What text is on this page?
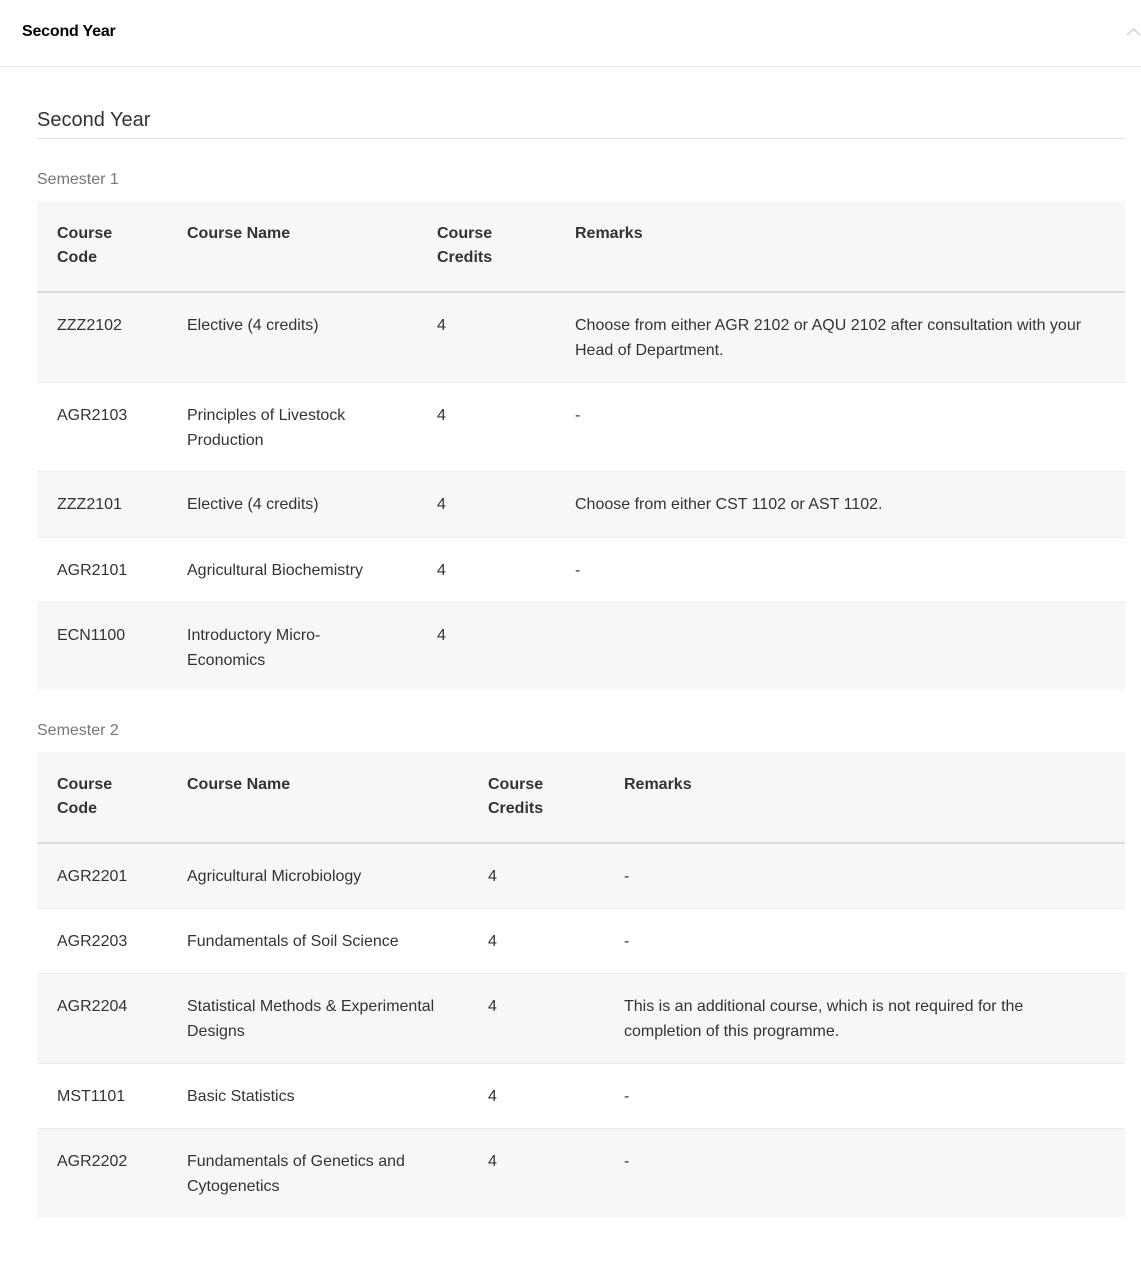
Second Year
Second Year
Semester 1
Course Code	Course Name	Course Credits	Remarks
ZZZ2102	Elective (4 credits)	4	Choose from either AGR 2102 or AQU 2102 after consultation with your Head of Department.
AGR2103	Principles of Livestock Production	4	-
ZZZ2101	Elective (4 credits)	4	Choose from either CST 1102 or AST 1102.
AGR2101	Agricultural Biochemistry	4	-
ECN1100	Introductory Micro-Economics	4	
Semester 2
Course Code	Course Name	Course Credits	Remarks
AGR2201	Agricultural Microbiology	4	-
AGR2203	Fundamentals of Soil Science	4	-
AGR2204	Statistical Methods & Experimental Designs	4	This is an additional course, which is not required for the completion of this programme.
MST1101	Basic Statistics	4	-
AGR2202	Fundamentals of Genetics and Cytogenetics	4	-
